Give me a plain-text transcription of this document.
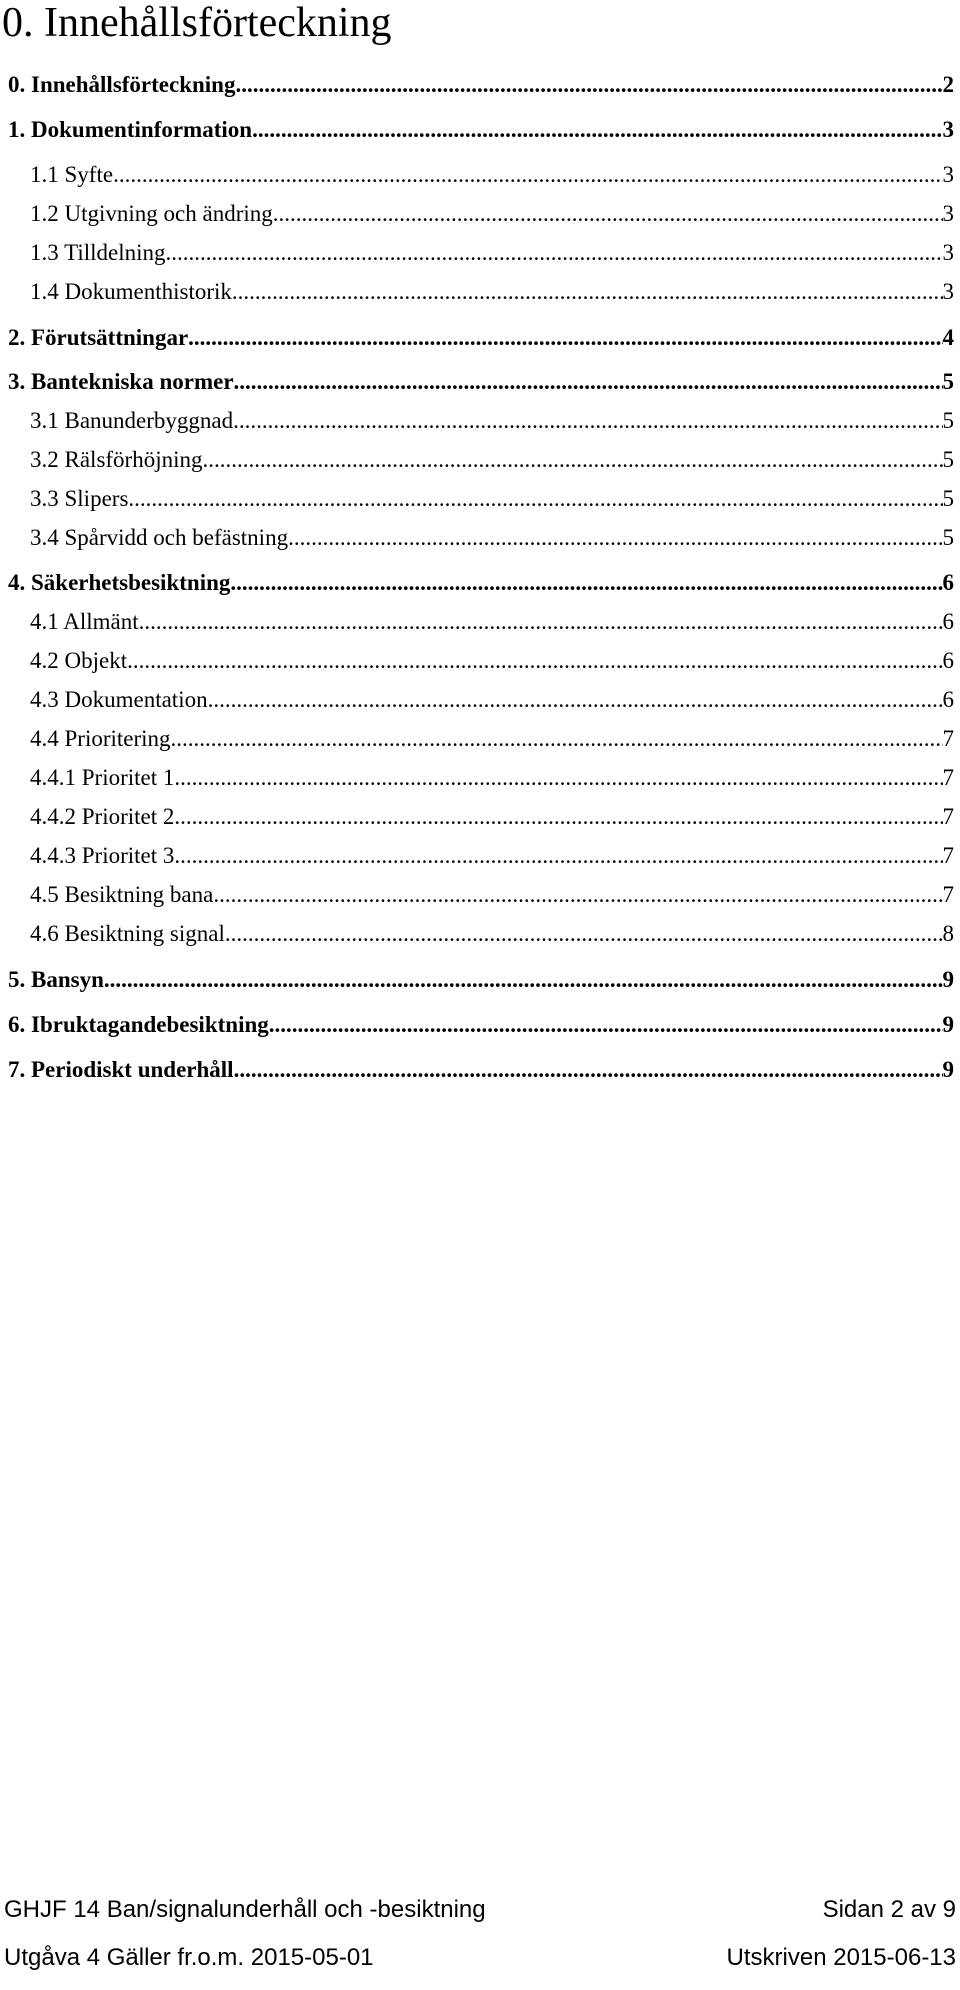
0. Innehållsförteckning
0. Innehållsförteckning .....	2
1. Dokumentinformation .....	3
1.1 Syfte .....	3
1.2 Utgivning och ändring .....	3
1.3 Tilldelning .....	3
1.4 Dokumenthistorik .....	3
2. Förutsättningar .....	4
3. Bantekniska normer .....	5
3.1 Banunderbyggnad .....	5
3.2 Rälsförhöjning .....	5
3.3 Slipers .....	5
3.4 Spårvidd och befästning .....	5
4. Säkerhetsbesiktning .....	6
4.1 Allmänt .....	6
4.2 Objekt .....	6
4.3 Dokumentation .....	6
4.4 Prioritering .....	7
4.4.1 Prioritet 1 .....	7
4.4.2 Prioritet 2 .....	7
4.4.3 Prioritet 3 .....	7
4.5 Besiktning bana .....	7
4.6 Besiktning signal .....	8
5. Bansyn .....	9
6. Ibruktagandebesiktning .....	9
7. Periodiskt underhåll .....	9
GHJF 14 Ban/signalunderhåll och -besiktning	Sidan 2 av 9
Utgåva 4 Gäller fr.o.m. 2015-05-01	Utskriven 2015-06-13
